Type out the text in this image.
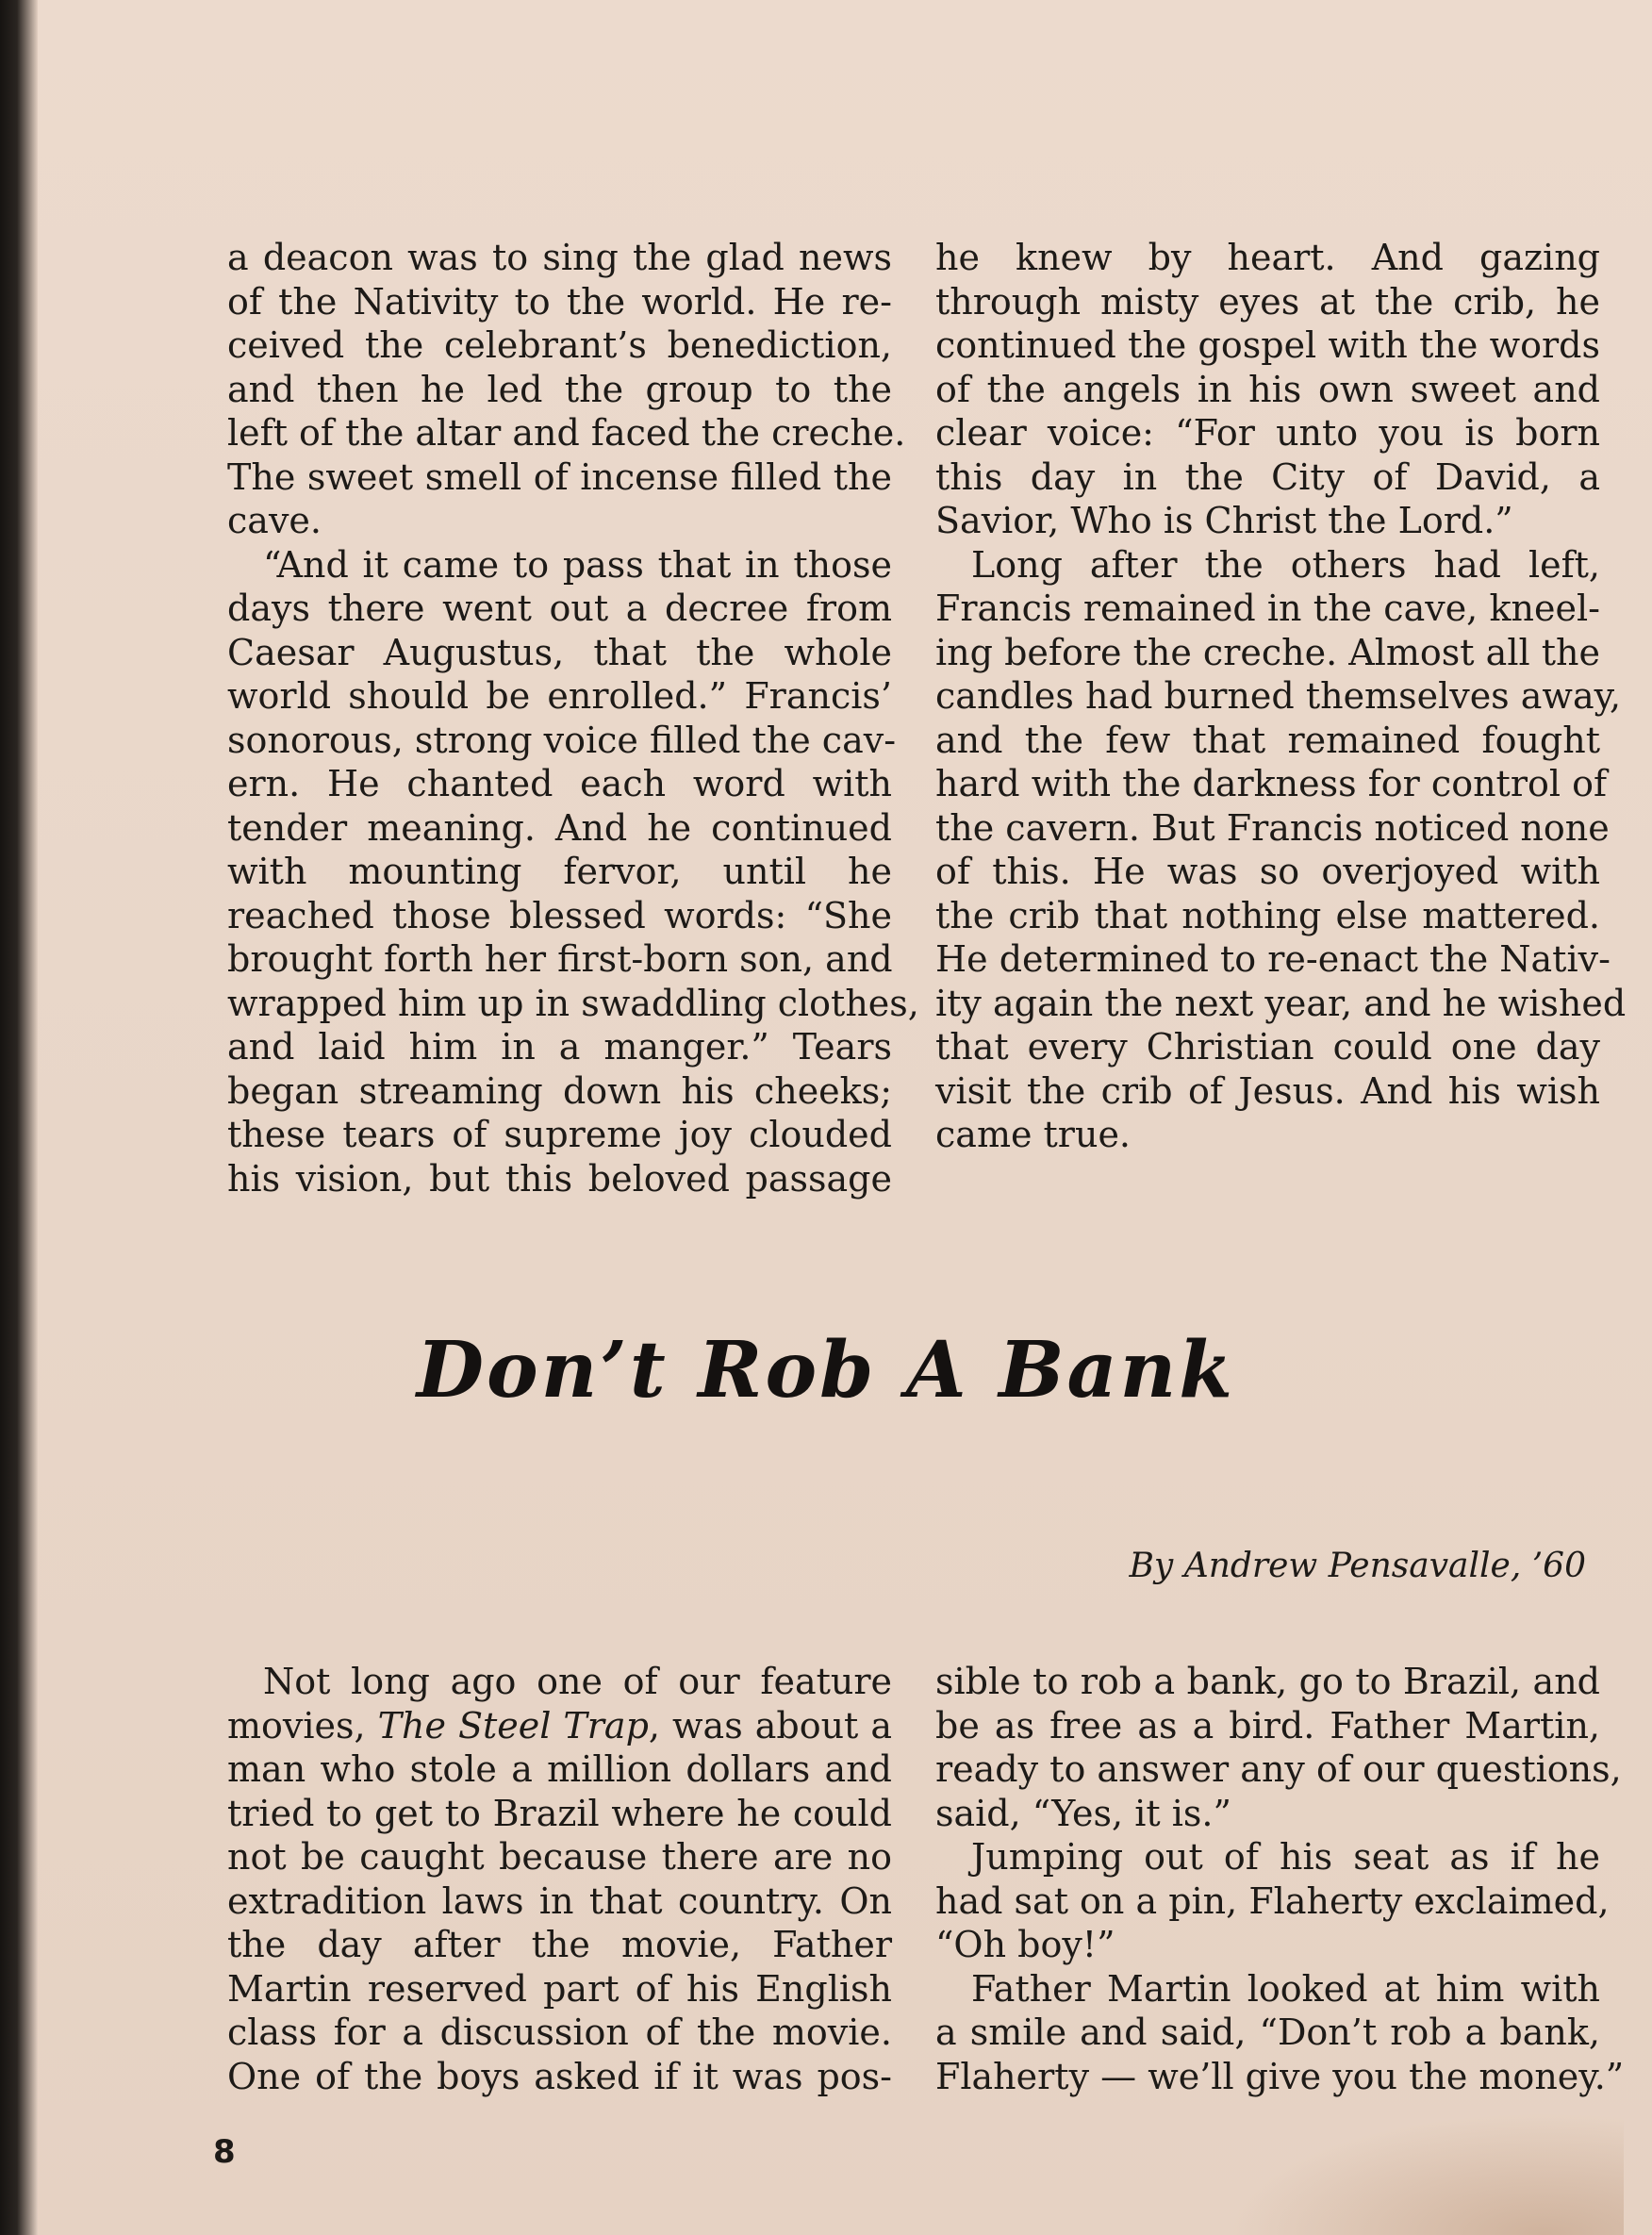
a deacon was to sing the glad news
of the Nativity to the world. He re-
ceived the celebrant’s benediction,
and then he led the group to the
left of the altar and faced the creche.
The sweet smell of incense filled the
cave.
“And it came to pass that in those
days there went out a decree from
Caesar Augustus, that the whole
world should be enrolled.” Francis’
sonorous, strong voice filled the cav-
ern. He chanted each word with
tender meaning. And he continued
with mounting fervor, until he
reached those blessed words: “She
brought forth her first-born son, and
wrapped him up in swaddling clothes,
and laid him in a manger.” Tears
began streaming down his cheeks;
these tears of supreme joy clouded
his vision, but this beloved passage
he knew by heart. And gazing
through misty eyes at the crib, he
continued the gospel with the words
of the angels in his own sweet and
clear voice: “For unto you is born
this day in the City of David, a
Savior, Who is Christ the Lord.”
Long after the others had left,
Francis remained in the cave, kneel-
ing before the creche. Almost all the
candles had burned themselves away,
and the few that remained fought
hard with the darkness for control of
the cavern. But Francis noticed none
of this. He was so overjoyed with
the crib that nothing else mattered.
He determined to re-enact the Nativ-
ity again the next year, and he wished
that every Christian could one day
visit the crib of Jesus. And his wish
came true.
Don’t Rob A Bank
By Andrew Pensavalle, ’60
Not long ago one of our feature
movies, The Steel Trap, was about a
man who stole a million dollars and
tried to get to Brazil where he could
not be caught because there are no
extradition laws in that country. On
the day after the movie, Father
Martin reserved part of his English
class for a discussion of the movie.
One of the boys asked if it was pos-
sible to rob a bank, go to Brazil, and
be as free as a bird. Father Martin,
ready to answer any of our questions,
said, “Yes, it is.”
Jumping out of his seat as if he
had sat on a pin, Flaherty exclaimed,
“Oh boy!”
Father Martin looked at him with
a smile and said, “Don’t rob a bank,
Flaherty — we’ll give you the money.”
8
